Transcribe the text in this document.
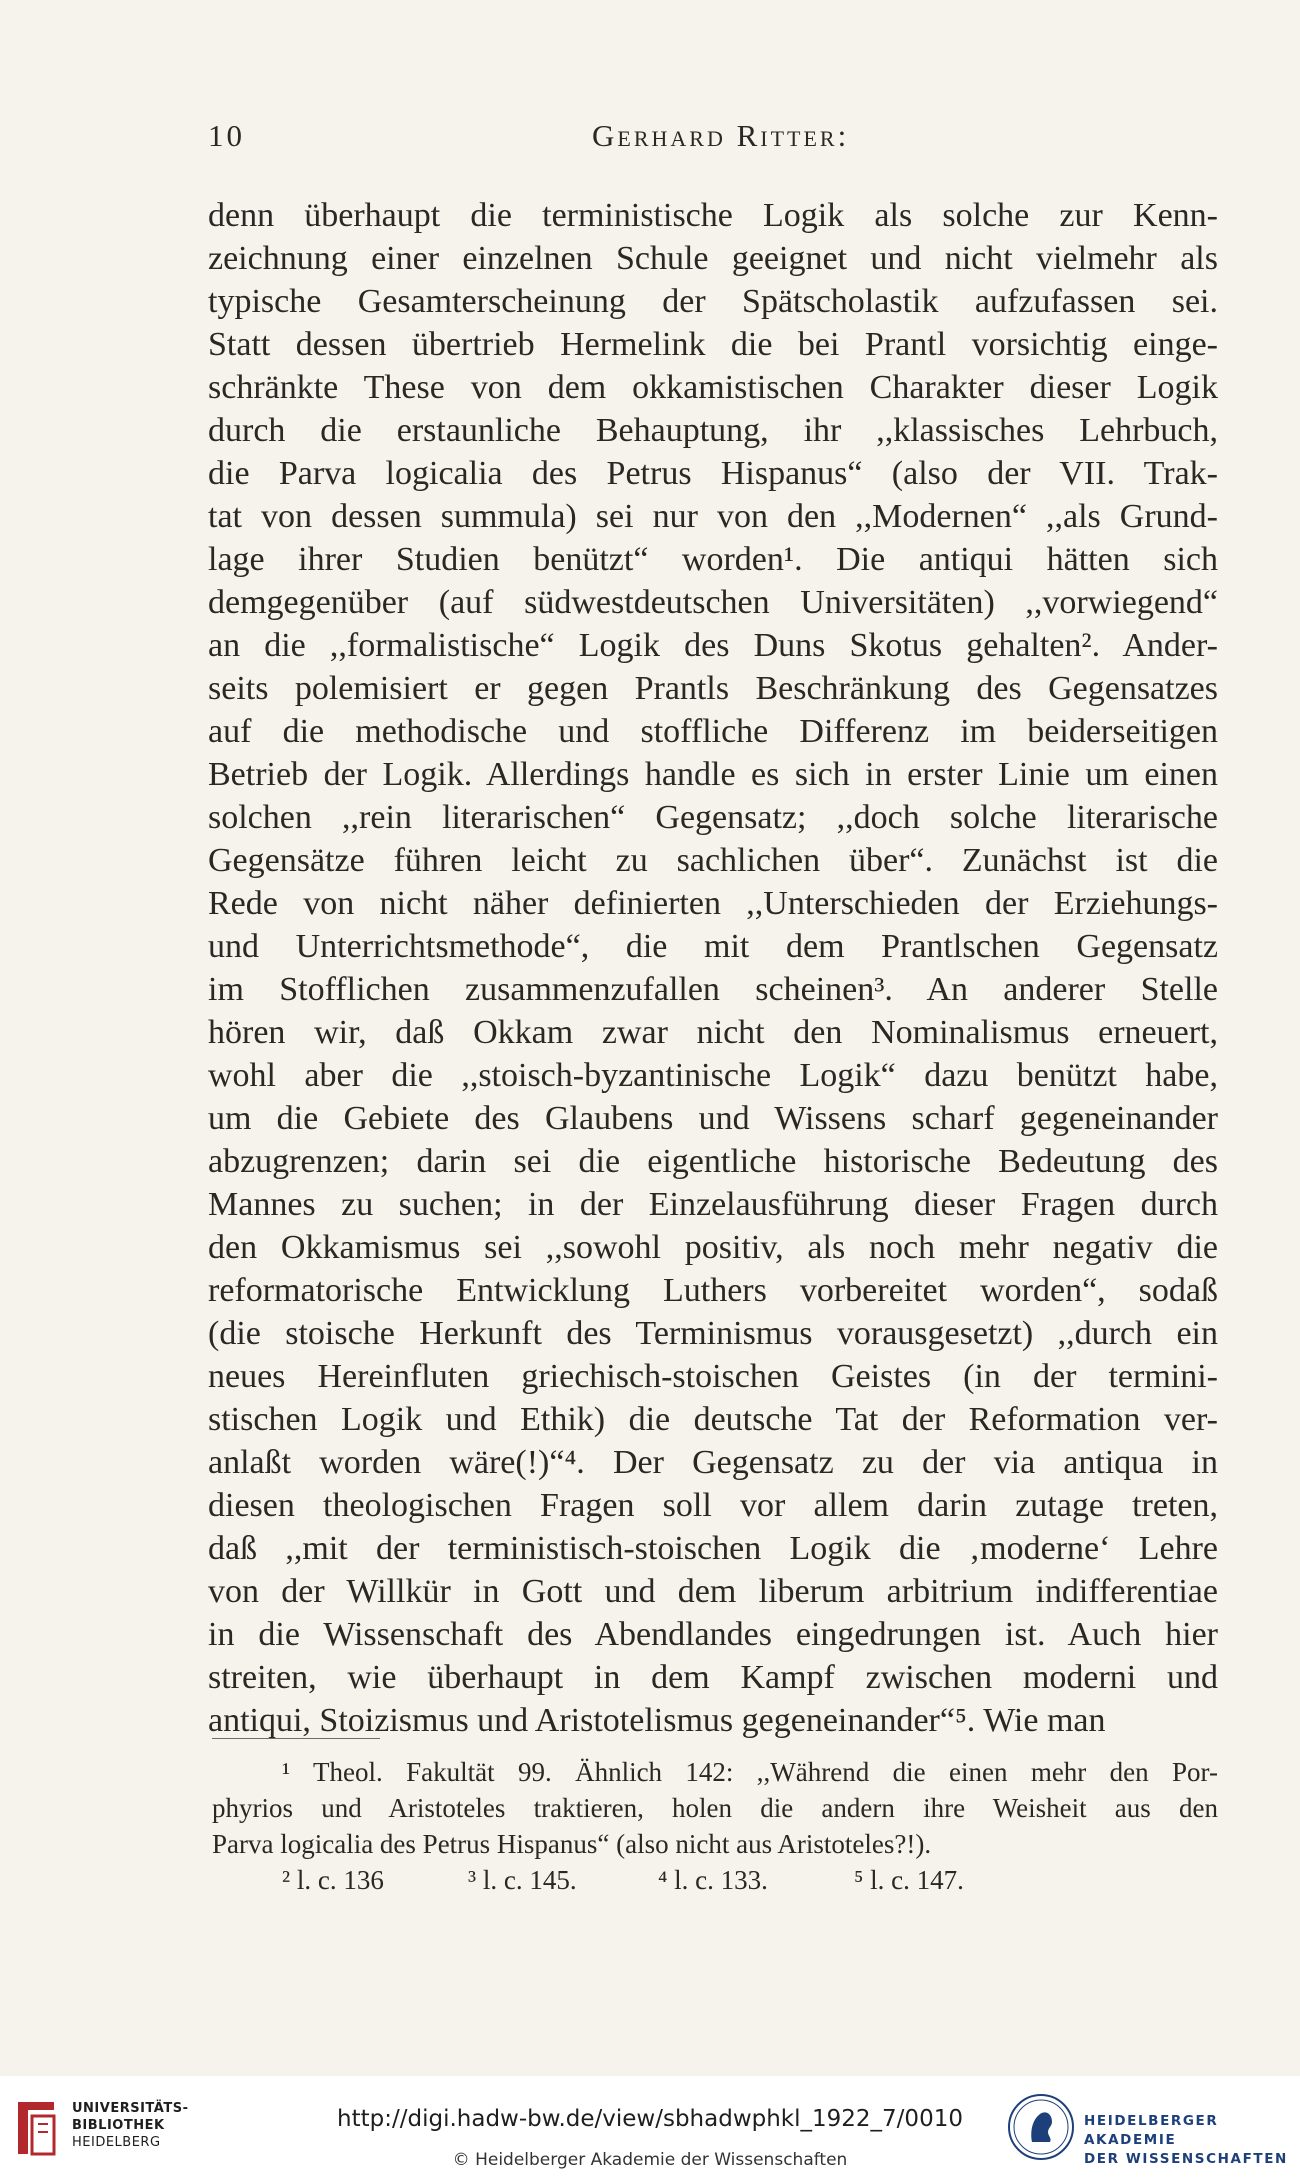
10	Gerhard Ritter:
denn überhaupt die terministische Logik als solche zur Kenn-
zeichnung einer einzelnen Schule geeignet und nicht vielmehr als
typische Gesamterscheinung der Spätscholastik aufzufassen sei.
Statt dessen übertrieb Hermelink die bei Prantl vorsichtig einge-
schränkte These von dem okkamistischen Charakter dieser Logik
durch die erstaunliche Behauptung, ihr ,,klassisches Lehrbuch,
die Parva logicalia des Petrus Hispanus“ (also der VII. Trak-
tat von dessen summula) sei nur von den ,,Modernen“ ,,als Grund-
lage ihrer Studien benützt“ worden¹. Die antiqui hätten sich
demgegenüber (auf südwestdeutschen Universitäten) ,,vorwiegend“
an die ,,formalistische“ Logik des Duns Skotus gehalten². Ander-
seits polemisiert er gegen Prantls Beschränkung des Gegensatzes
auf die methodische und stoffliche Differenz im beiderseitigen
Betrieb der Logik. Allerdings handle es sich in erster Linie um einen
solchen ,,rein literarischen“ Gegensatz; ,,doch solche literarische
Gegensätze führen leicht zu sachlichen über“. Zunächst ist die
Rede von nicht näher definierten ,,Unterschieden der Erziehungs-
und Unterrichtsmethode“, die mit dem Prantlschen Gegensatz
im Stofflichen zusammenzufallen scheinen³. An anderer Stelle
hören wir, daß Okkam zwar nicht den Nominalismus erneuert,
wohl aber die ,,stoisch-byzantinische Logik“ dazu benützt habe,
um die Gebiete des Glaubens und Wissens scharf gegeneinander
abzugrenzen; darin sei die eigentliche historische Bedeutung des
Mannes zu suchen; in der Einzelausführung dieser Fragen durch
den Okkamismus sei ,,sowohl positiv, als noch mehr negativ die
reformatorische Entwicklung Luthers vorbereitet worden“, sodaß
(die stoische Herkunft des Terminismus vorausgesetzt) ,,durch ein
neues Hereinfluten griechisch-stoischen Geistes (in der termini-
stischen Logik und Ethik) die deutsche Tat der Reformation ver-
anlaßt worden wäre(!)“⁴. Der Gegensatz zu der via antiqua in
diesen theologischen Fragen soll vor allem darin zutage treten,
daß ,,mit der terministisch-stoischen Logik die ‚moderne‘ Lehre
von der Willkür in Gott und dem liberum arbitrium indifferentiae
in die Wissenschaft des Abendlandes eingedrungen ist. Auch hier
streiten, wie überhaupt in dem Kampf zwischen moderni und
antiqui, Stoizismus und Aristotelismus gegeneinander“⁵. Wie man
¹ Theol. Fakultät 99. Ähnlich 142: ,,Während die einen mehr den Por-
phyrios und Aristoteles traktieren, holen die andern ihre Weisheit aus den
Parva logicalia des Petrus Hispanus“ (also nicht aus Aristoteles?!).
² l. c. 136	³ l. c. 145.	⁴ l. c. 133.	⁵ l. c. 147.
UNIVERSITÄTS-
BIBLIOTHEK
HEIDELBERG
http://digi.hadw-bw.de/view/sbhadwphkl_1922_7/0010
© Heidelberger Akademie der Wissenschaften
HEIDELBERGER AKADEMIE
DER WISSENSCHAFTEN
